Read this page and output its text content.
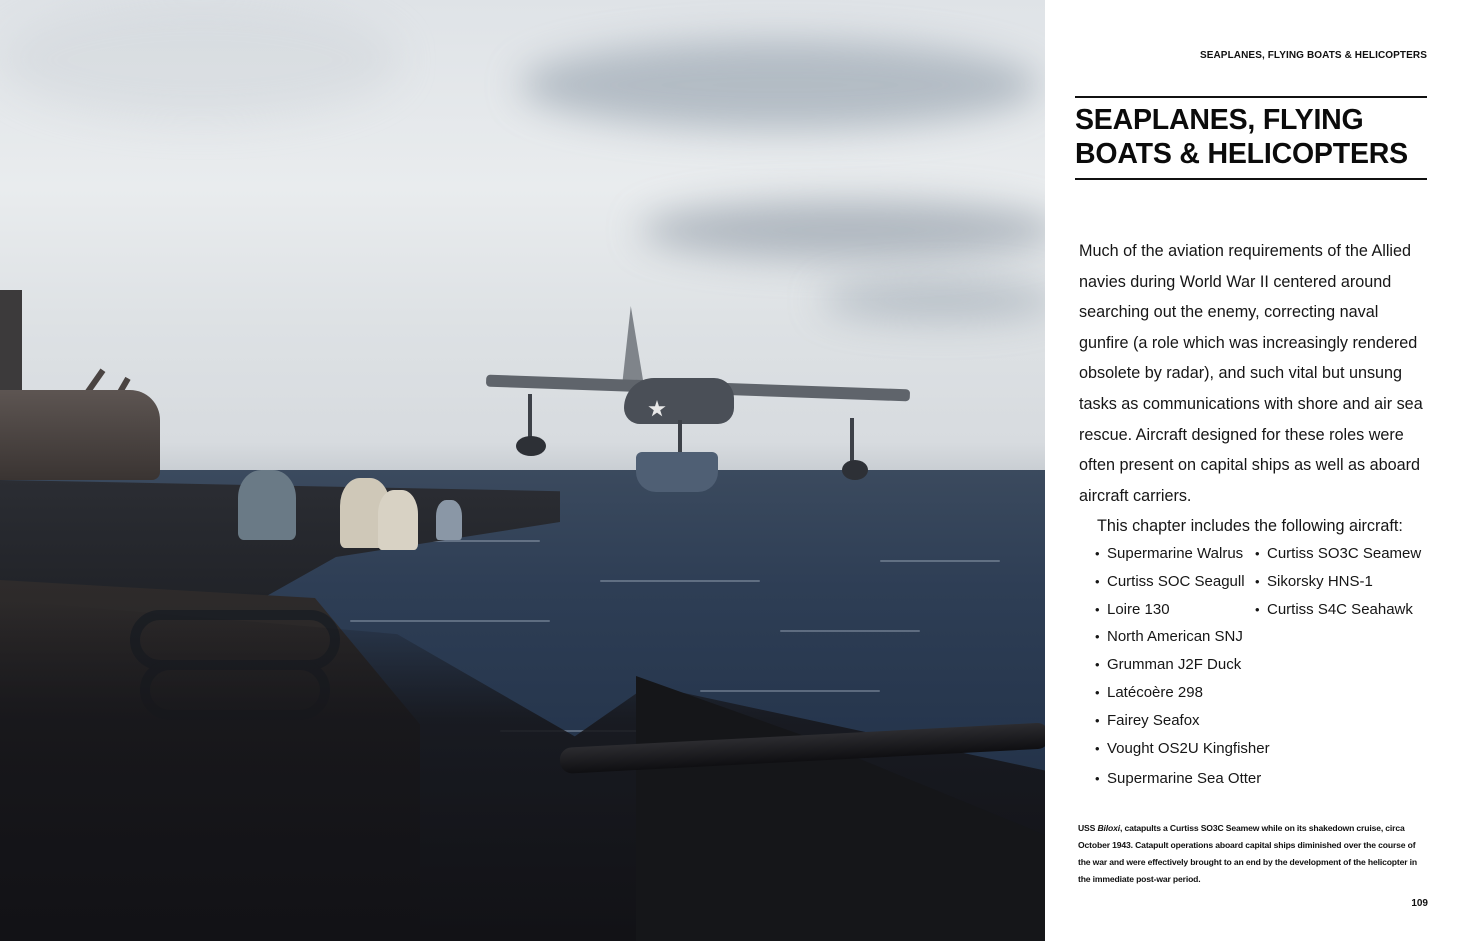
SEAPLANES, FLYING BOATS & HELICOPTERS
SEAPLANES, FLYING
BOATS & HELICOPTERS

Much of the aviation requirements of the Allied navies during World War II centered around searching out the enemy, correcting naval gunfire (a role which was increasingly rendered obsolete by radar), and such vital but unsung tasks as communications with shore and air sea rescue. Aircraft designed for these roles were often present on capital ships as well as aboard aircraft carriers.

This chapter includes the following aircraft:

• Supermarine Walrus
• Curtiss SOC Seagull
• Loire 130
• North American SNJ
• Grumman J2F Duck
• Latécoère 298
• Fairey Seafox
• Vought OS2U Kingfisher
• Supermarine Sea Otter
• Curtiss SO3C Seamew
• Sikorsky HNS-1
• Curtiss S4C Seahawk

USS Biloxi, catapults a Curtiss SO3C Seamew while on its shakedown cruise, circa October 1943. Catapult operations aboard capital ships diminished over the course of the war and were effectively brought to an end by the development of the helicopter in the immediate post-war period.

109
